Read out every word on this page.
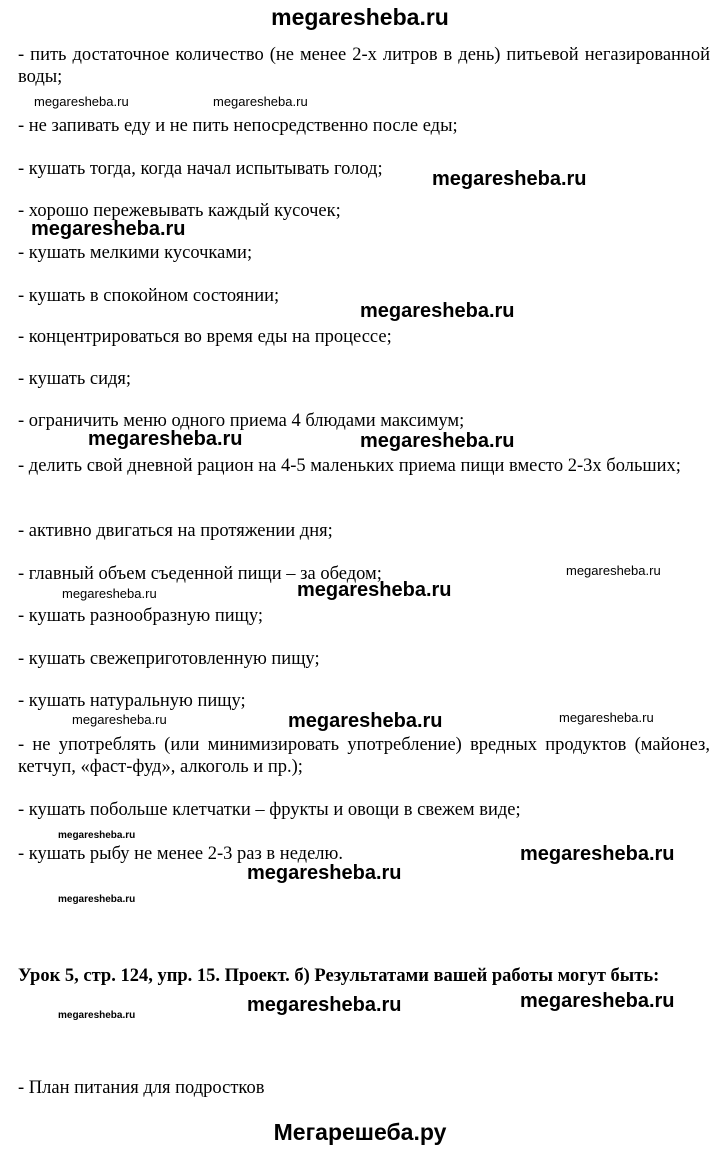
megaresheba.ru
- пить достаточное количество (не менее 2-х литров в день) питьевой негазированной воды;
- не запивать еду и не пить непосредственно после еды;
- кушать тогда, когда начал испытывать голод;
- хорошо пережевывать каждый кусочек;
- кушать мелкими кусочками;
- кушать в спокойном состоянии;
- концентрироваться во время еды на процессе;
- кушать сидя;
- ограничить меню одного приема 4 блюдами максимум;
- делить свой дневной рацион на 4-5 маленьких приема пищи вместо 2-3х больших;
- активно двигаться на протяжении дня;
- главный объем съеденной пищи – за обедом;
- кушать разнообразную пищу;
- кушать свежеприготовленную пищу;
- кушать натуральную пищу;
- не употреблять (или минимизировать употребление) вредных продуктов (майонез, кетчуп, «фаст-фуд», алкоголь и пр.);
- кушать побольше клетчатки – фрукты и овощи в свежем виде;
- кушать рыбу не менее 2-3 раз в неделю.
Урок 5, стр. 124, упр. 15. Проект. б) Результатами вашей работы могут быть:
- План питания для подростков
megaresheba.ru	megaresheba.ru
megaresheba.ru
megaresheba.ru
megaresheba.ru
megaresheba.ru	megaresheba.ru
megaresheba.ru
megaresheba.ru	megaresheba.ru
megaresheba.ru	megaresheba.ru	megaresheba.ru
megaresheba.ru
megaresheba.ru
megaresheba.ru
megaresheba.ru
megaresheba.ru
megaresheba.ru
megaresheba.ru
Мегарешеба.ру
